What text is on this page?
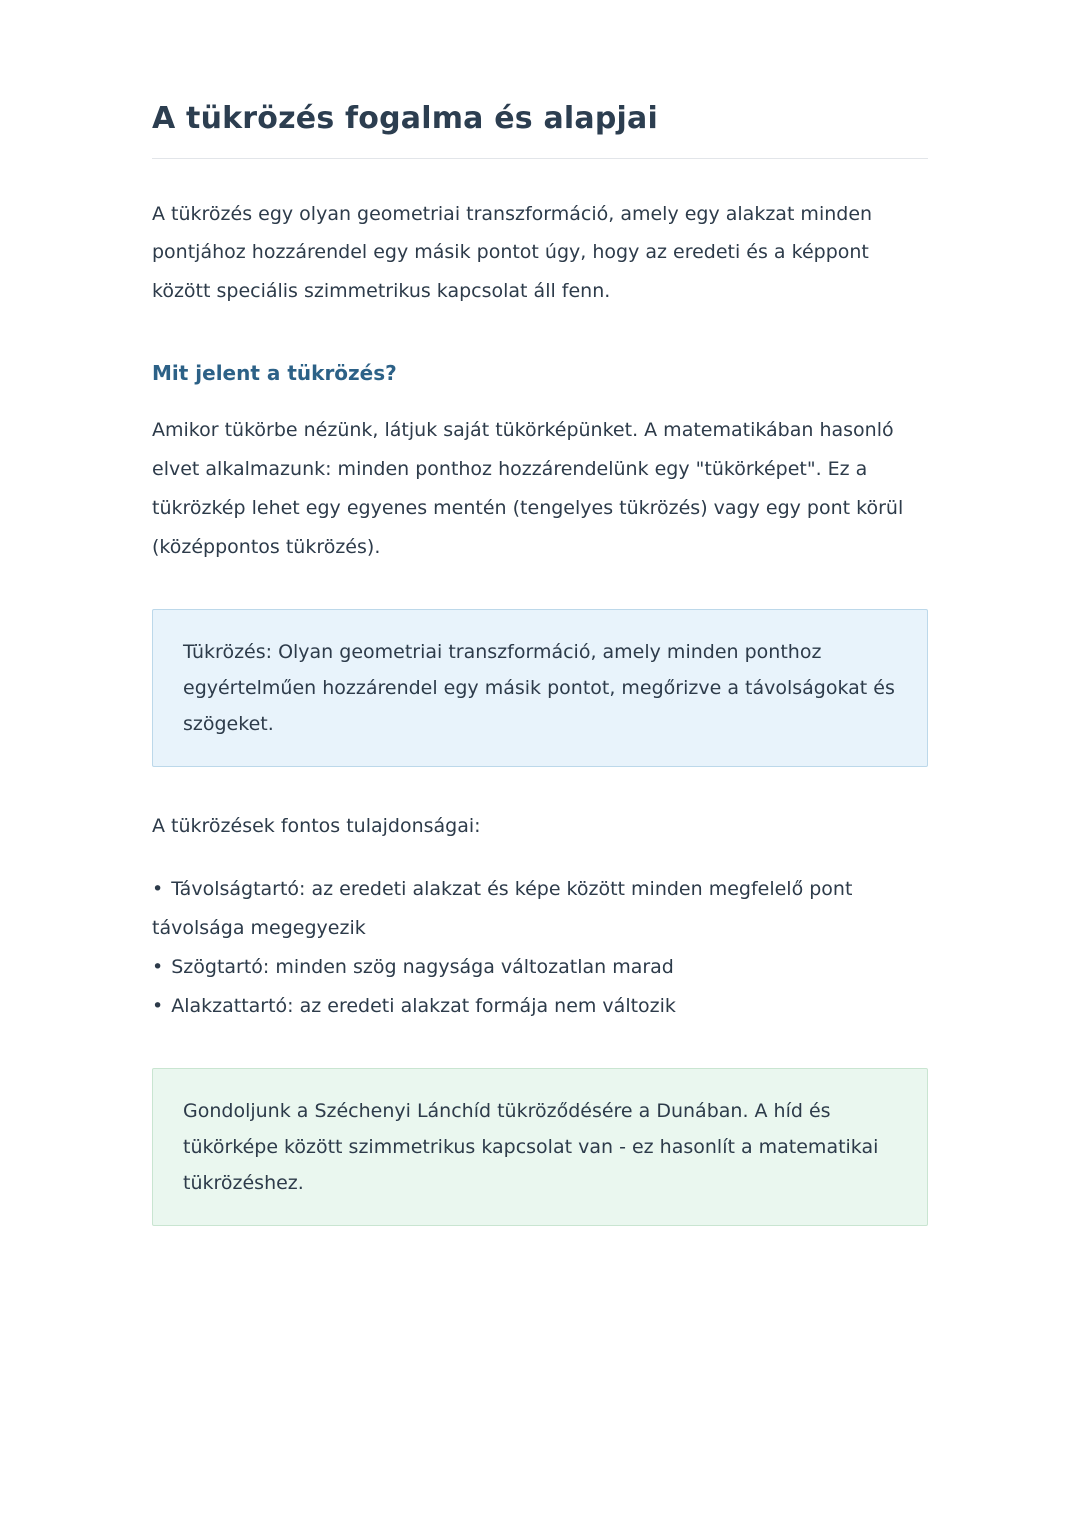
A tükrözés fogalma és alapjai

A tükrözés egy olyan geometriai transzformáció, amely egy alakzat minden pontjához hozzárendel egy másik pontot úgy, hogy az eredeti és a képpont között speciális szimmetrikus kapcsolat áll fenn.

Mit jelent a tükrözés?

Amikor tükörbe nézünk, látjuk saját tükörképünket. A matematikában hasonló elvet alkalmazunk: minden ponthoz hozzárendelünk egy "tükörképet". Ez a tükrözkép lehet egy egyenes mentén (tengelyes tükrözés) vagy egy pont körül (középpontos tükrözés).

Tükrözés: Olyan geometriai transzformáció, amely minden ponthoz egyértelműen hozzárendel egy másik pontot, megőrizve a távolságokat és szögeket.

A tükrözések fontos tulajdonságai:

• Távolságtartó: az eredeti alakzat és képe között minden megfelelő pont távolsága megegyezik

• Szögtartó: minden szög nagysága változatlan marad

• Alakzattartó: az eredeti alakzat formája nem változik

Gondoljunk a Széchenyi Lánchíd tükröződésére a Dunában. A híd és tükörképe között szimmetrikus kapcsolat van - ez hasonlít a matematikai tükrözéshez.
